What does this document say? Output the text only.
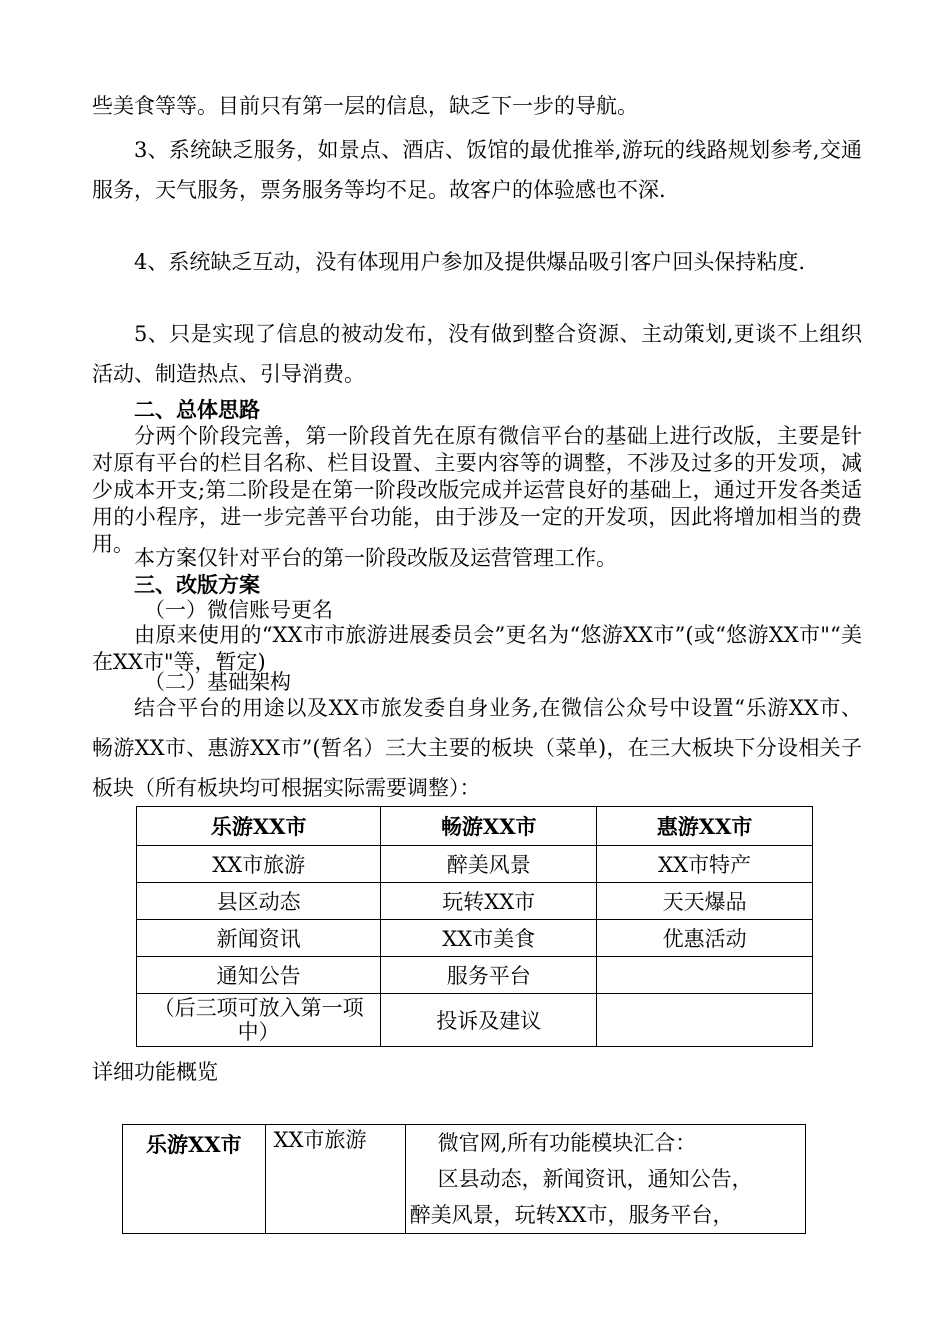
些美食等等。目前只有第一层的信息，缺乏下一步的导航。

3、系统缺乏服务，如景点、酒店、饭馆的最优推举,游玩的线路规划参考,交通服务，天气服务，票务服务等均不足。故客户的体验感也不深.

4、系统缺乏互动，没有体现用户参加及提供爆品吸引客户回头保持粘度.

5、只是实现了信息的被动发布，没有做到整合资源、主动策划,更谈不上组织活动、制造热点、引导消费。

二、总体思路

分两个阶段完善，第一阶段首先在原有微信平台的基础上进行改版，主要是针对原有平台的栏目名称、栏目设置、主要内容等的调整，不涉及过多的开发项，减少成本开支;第二阶段是在第一阶段改版完成并运营良好的基础上，通过开发各类适用的小程序，进一步完善平台功能，由于涉及一定的开发项，因此将增加相当的费用。

本方案仅针对平台的第一阶段改版及运营管理工作。

三、改版方案

（一）微信账号更名

由原来使用的“XX市市旅游进展委员会”更名为“悠游XX市”(或“悠游XX市"“美在XX市"等，暂定)

（二）基础架构

结合平台的用途以及XX市旅发委自身业务,在微信公众号中设置“乐游XX市、畅游XX市、惠游XX市”(暂名）三大主要的板块（菜单)，在三大板块下分设相关子板块（所有板块均可根据实际需要调整）：

乐游XX市	畅游XX市	惠游XX市
XX市旅游	醉美风景	XX市特产
县区动态	玩转XX市	天天爆品
新闻资讯	XX市美食	优惠活动
通知公告	服务平台	
（后三项可放入第一项中）	投诉及建议	

详细功能概览

乐游XX市	XX市旅游	微官网,所有功能模块汇合：
区县动态，新闻资讯，通知公告，
醉美风景，玩转XX市，服务平台，
